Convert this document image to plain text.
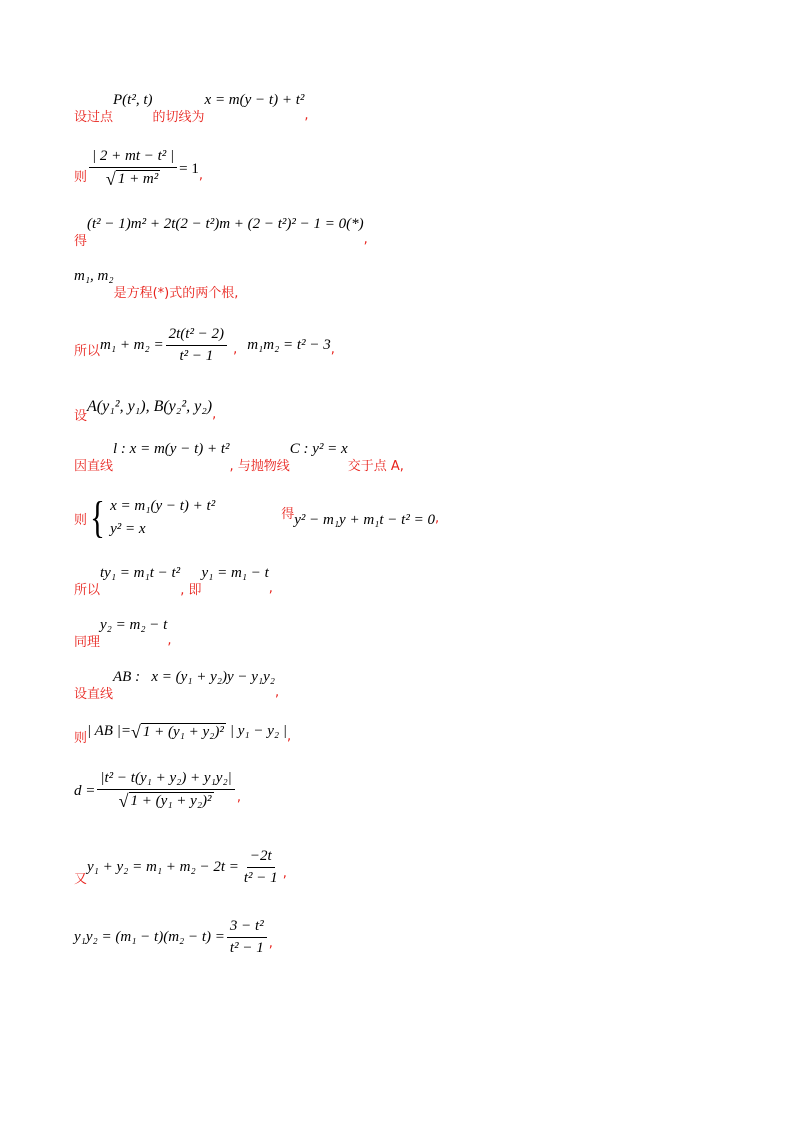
设过点
P(t², t)
的切线为
x = m(y − t) + t²
,
则 $\frac{\text{| 2 + mt − t² |}}{\text{√ 1 + m²}} = 1$ ,
得
(t² − 1)m² + 2t(2 − t²)m + (2 − t²)² − 1 = 0(*)
,
m₁, m₂
是方程(*)式的两个根,
所以 $m_1 + m_2 = \frac{\text{2t(t² − 2)}}{\text{t² − 1}}$ , m₁m₂ = t² − 3 ,
设
A(y₁², y₁), B(y₂², y₂) ,
因直线
l : x = m(y − t) + t²
, 与抛物线
C : y² = x
交于点 A,
则 { x = m₁(y − t) + t²
y² = x
得 y² − m₁y + m₁t − t² = 0 ,
所以
ty₁ = m₁t − t²
, 即
y₁ = m₁ − t
,
同理
y₂ = m₂ − t
,
设直线
AB :   x = (y₁ + y₂)y − y₁y₂
,
则 | AB |= √ 1 + (y₁ + y₂)² | y₁ − y₂ | ,
$d = \frac{\text{|t² − t(y₁ + y₂) + y₁y₂|}}{\text{√ 1 + (y₁ + y₂)²}}$ ,
又
$y_1 + y_2 = m_1 + m_2 - 2t = \frac{-2t}{\text{t² − 1}}$ ,
$y_1y_2 = (m_1 - t)(m_2 - t) = \frac{\text{3 − t²}}{\text{t² − 1}}$ ,
